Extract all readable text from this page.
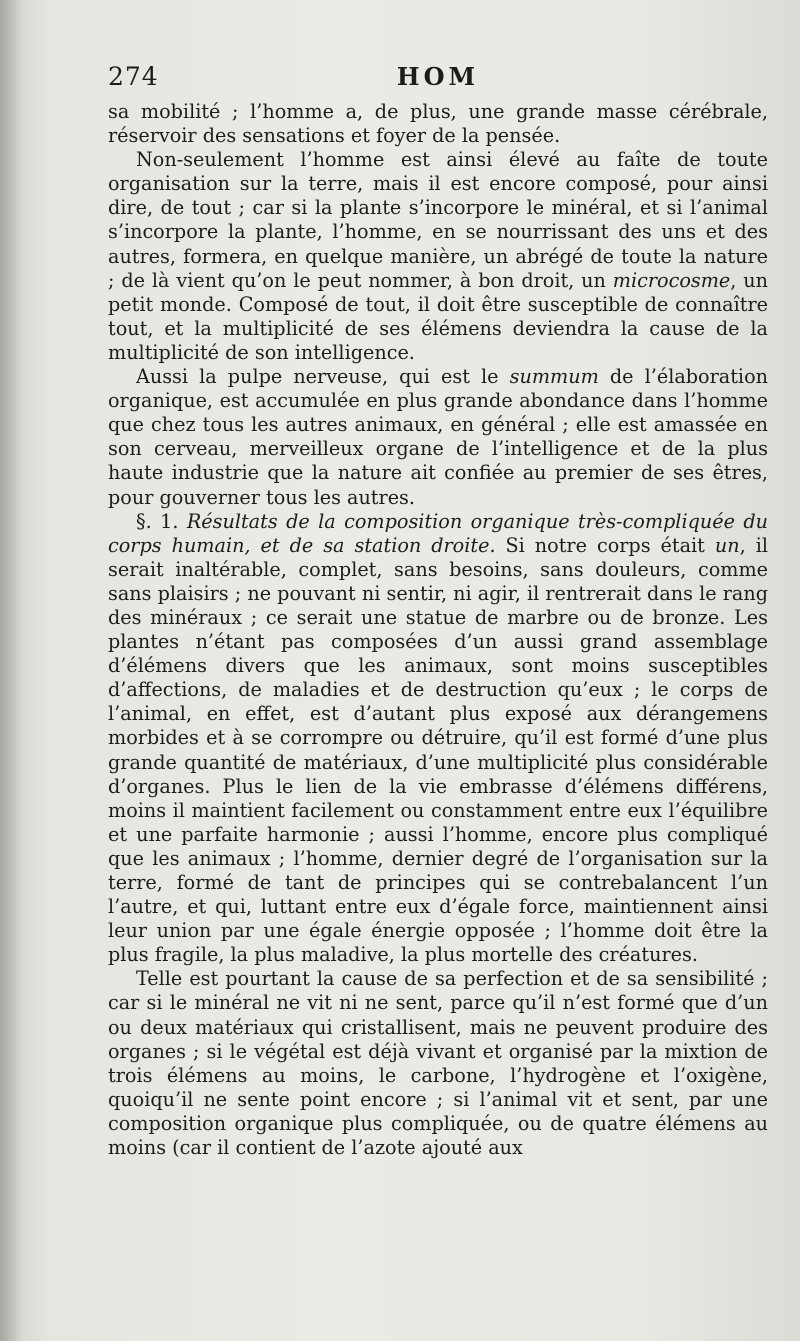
274	HOM

sa mobilité ; l’homme a, de plus, une grande masse cérébrale, réservoir des sensations et foyer de la pensée.

Non-seulement l’homme est ainsi élevé au faîte de toute organisation sur la terre, mais il est encore composé, pour ainsi dire, de tout ; car si la plante s’incorpore le minéral, et si l’animal s’incorpore la plante, l’homme, en se nourrissant des uns et des autres, formera, en quelque manière, un abrégé de toute la nature ; de là vient qu’on le peut nommer, à bon droit, un microcosme, un petit monde. Composé de tout, il doit être susceptible de connaître tout, et la multiplicité de ses élémens deviendra la cause de la multiplicité de son intelligence.

Aussi la pulpe nerveuse, qui est le summum de l’élaboration organique, est accumulée en plus grande abondance dans l’homme que chez tous les autres animaux, en général ; elle est amassée en son cerveau, merveilleux organe de l’intelligence et de la plus haute industrie que la nature ait confiée au premier de ses êtres, pour gouverner tous les autres.

§. 1. Résultats de la composition organique très-compliquée du corps humain, et de sa station droite. Si notre corps était un, il serait inaltérable, complet, sans besoins, sans douleurs, comme sans plaisirs ; ne pouvant ni sentir, ni agir, il rentrerait dans le rang des minéraux ; ce serait une statue de marbre ou de bronze. Les plantes n’étant pas composées d’un aussi grand assemblage d’élémens divers que les animaux, sont moins susceptibles d’affections, de maladies et de destruction qu’eux ; le corps de l’animal, en effet, est d’autant plus exposé aux dérangemens morbides et à se corrompre ou détruire, qu’il est formé d’une plus grande quantité de matériaux, d’une multiplicité plus considérable d’organes. Plus le lien de la vie embrasse d’élémens différens, moins il maintient facilement ou constamment entre eux l’équilibre et une parfaite harmonie ; aussi l’homme, encore plus compliqué que les animaux ; l’homme, dernier degré de l’organisation sur la terre, formé de tant de principes qui se contrebalancent l’un l’autre, et qui, luttant entre eux d’égale force, maintiennent ainsi leur union par une égale énergie opposée ; l’homme doit être la plus fragile, la plus maladive, la plus mortelle des créatures.

Telle est pourtant la cause de sa perfection et de sa sensibilité ; car si le minéral ne vit ni ne sent, parce qu’il n’est formé que d’un ou deux matériaux qui cristallisent, mais ne peuvent produire des organes ; si le végétal est déjà vivant et organisé par la mixtion de trois élémens au moins, le carbone, l’hydrogène et l’oxigène, quoiqu’il ne sente point encore ; si l’animal vit et sent, par une composition organique plus compliquée, ou de quatre élémens au moins (car il contient de l’azote ajouté aux
